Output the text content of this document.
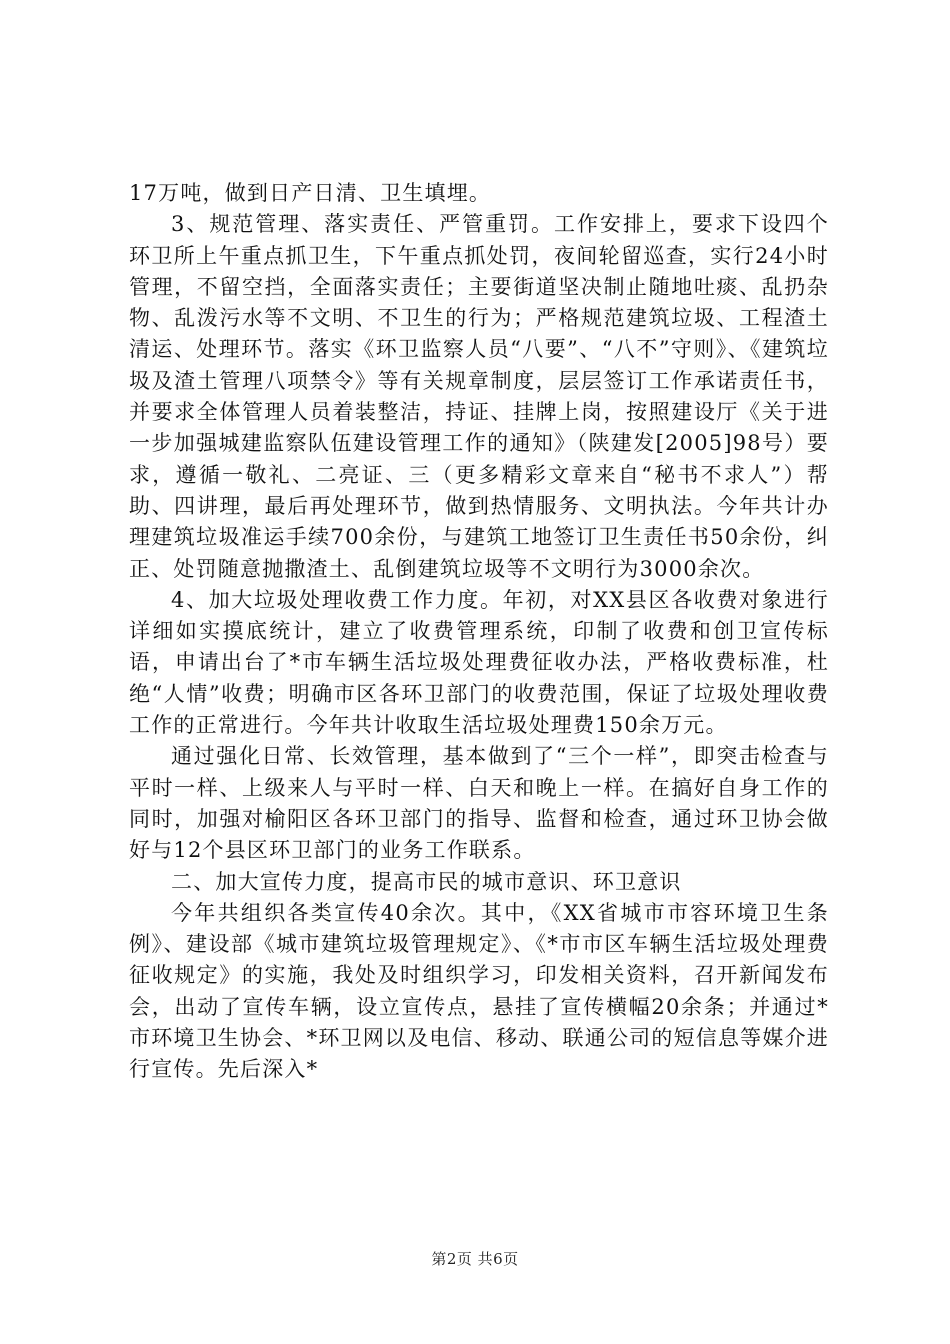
17万吨，做到日产日清、卫生填埋。

3、规范管理、落实责任、严管重罚。工作安排上，要求下设四个环卫所上午重点抓卫生，下午重点抓处罚，夜间轮留巡查，实行24小时管理，不留空挡，全面落实责任；主要街道坚决制止随地吐痰、乱扔杂物、乱泼污水等不文明、不卫生的行为；严格规范建筑垃圾、工程渣土清运、处理环节。落实《环卫监察人员“八要”、“八不”守则》、《建筑垃圾及渣土管理八项禁令》等有关规章制度，层层签订工作承诺责任书，并要求全体管理人员着装整洁，持证、挂牌上岗，按照建设厅《关于进一步加强城建监察队伍建设管理工作的通知》（陕建发[2005]98号）要求，遵循一敬礼、二亮证、三（更多精彩文章来自“秘书不求人”）帮助、四讲理，最后再处理环节，做到热情服务、文明执法。今年共计办理建筑垃圾准运手续700余份，与建筑工地签订卫生责任书50余份，纠正、处罚随意抛撒渣土、乱倒建筑垃圾等不文明行为3000余次。

4、加大垃圾处理收费工作力度。年初，对XX县区各收费对象进行详细如实摸底统计，建立了收费管理系统，印制了收费和创卫宣传标语，申请出台了*市车辆生活垃圾处理费征收办法，严格收费标准，杜绝“人情”收费；明确市区各环卫部门的收费范围，保证了垃圾处理收费工作的正常进行。今年共计收取生活垃圾处理费150余万元。

通过强化日常、长效管理，基本做到了“三个一样”，即突击检查与平时一样、上级来人与平时一样、白天和晚上一样。在搞好自身工作的同时，加强对榆阳区各环卫部门的指导、监督和检查，通过环卫协会做好与12个县区环卫部门的业务工作联系。

二、加大宣传力度，提高市民的城市意识、环卫意识

今年共组织各类宣传40余次。其中，《XX省城市市容环境卫生条例》、建设部《城市建筑垃圾管理规定》、《*市市区车辆生活垃圾处理费征收规定》的实施，我处及时组织学习，印发相关资料，召开新闻发布会，出动了宣传车辆，设立宣传点，悬挂了宣传横幅20余条；并通过*市环境卫生协会、*环卫网以及电信、移动、联通公司的短信息等媒介进行宣传。先后深入*

第2页 共6页
